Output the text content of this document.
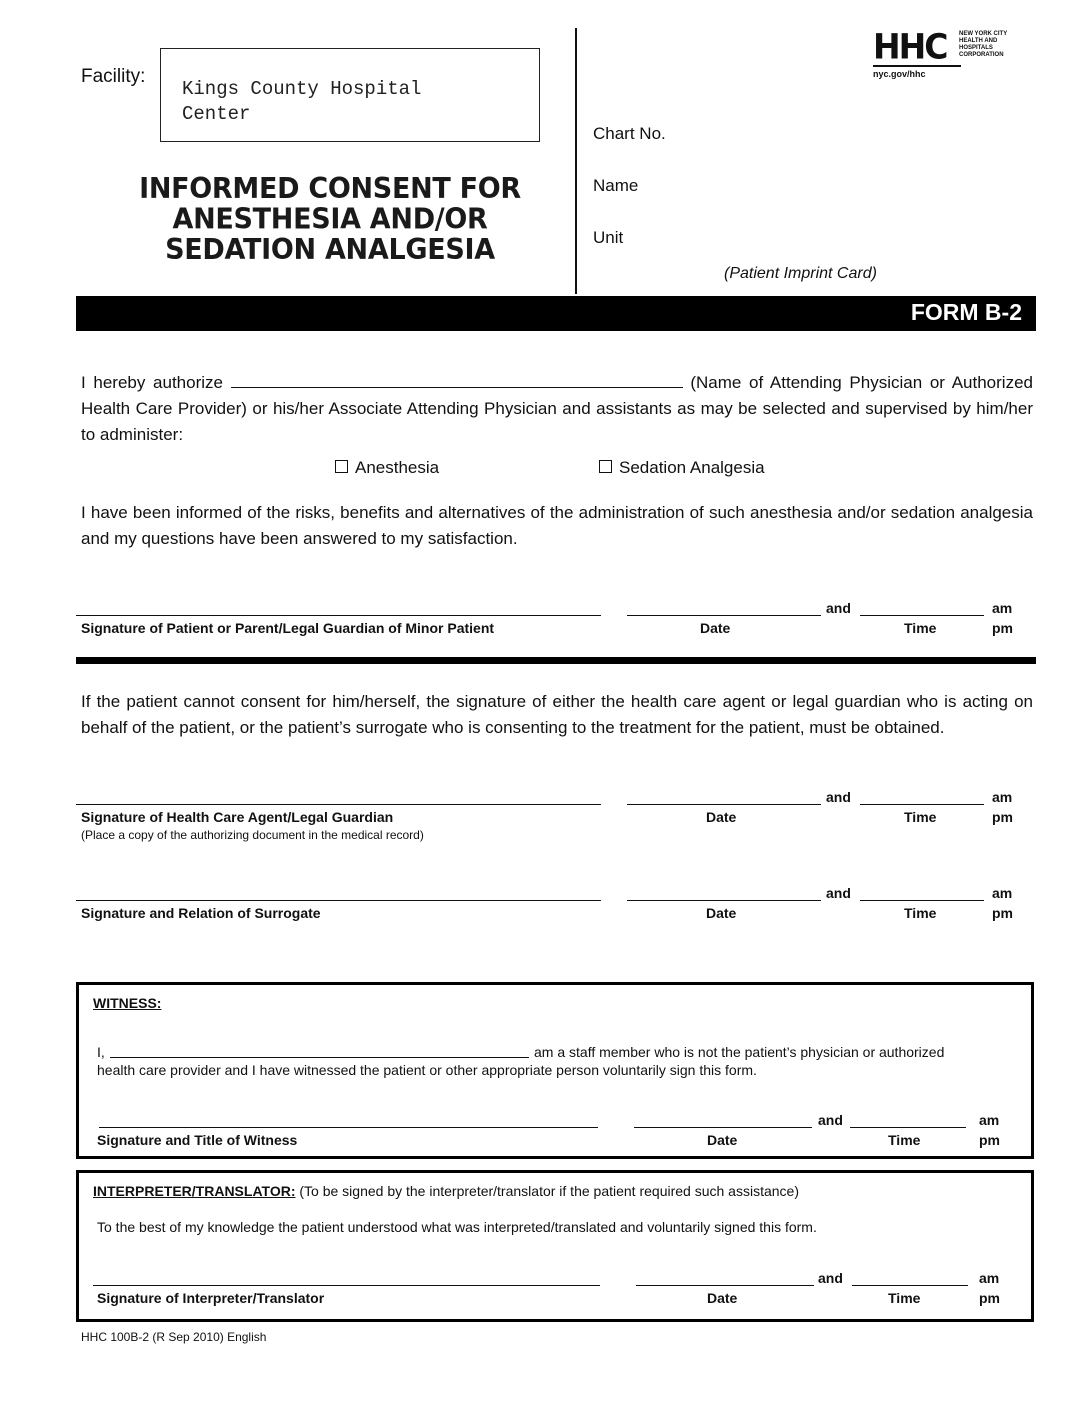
Facility:
Kings County Hospital
Center
INFORMED CONSENT FOR
ANESTHESIA AND/OR
SEDATION ANALGESIA
Chart No.
Name
Unit
(Patient Imprint Card)
HHC NEW YORK CITY
HEALTH AND
HOSPITALS
CORPORATION
nyc.gov/hhc
FORM B-2
I hereby authorize	(Name of Attending Physician or Authorized Health Care Provider) or his/her Associate Attending Physician and assistants as may be selected and supervised by him/her to administer:
Anesthesia	Sedation Analgesia
I have been informed of the risks, benefits and alternatives of the administration of such anesthesia and/or sedation analgesia and my questions have been answered to my satisfaction.
and	am
Signature of Patient or Parent/Legal Guardian of Minor Patient	Date	Time	pm
If the patient cannot consent for him/herself, the signature of either the health care agent or legal guardian who is acting on behalf of the patient, or the patient’s surrogate who is consenting to the treatment for the patient, must be obtained.
and	am
Signature of Health Care Agent/Legal Guardian
(Place a copy of the authorizing document in the medical record)
Date	Time	pm
and	am
Signature and Relation of Surrogate	Date	Time	pm
WITNESS:
I,	am a staff member who is not the patient’s physician or authorized
health care provider and I have witnessed the patient or other appropriate person voluntarily sign this form.
and	am
Signature and Title of Witness	Date	Time	pm
INTERPRETER/TRANSLATOR: (To be signed by the interpreter/translator if the patient required such assistance)
To the best of my knowledge the patient understood what was interpreted/translated and voluntarily signed this form.
and	am
Signature of Interpreter/Translator	Date	Time	pm
HHC 100B-2 (R Sep 2010) English
